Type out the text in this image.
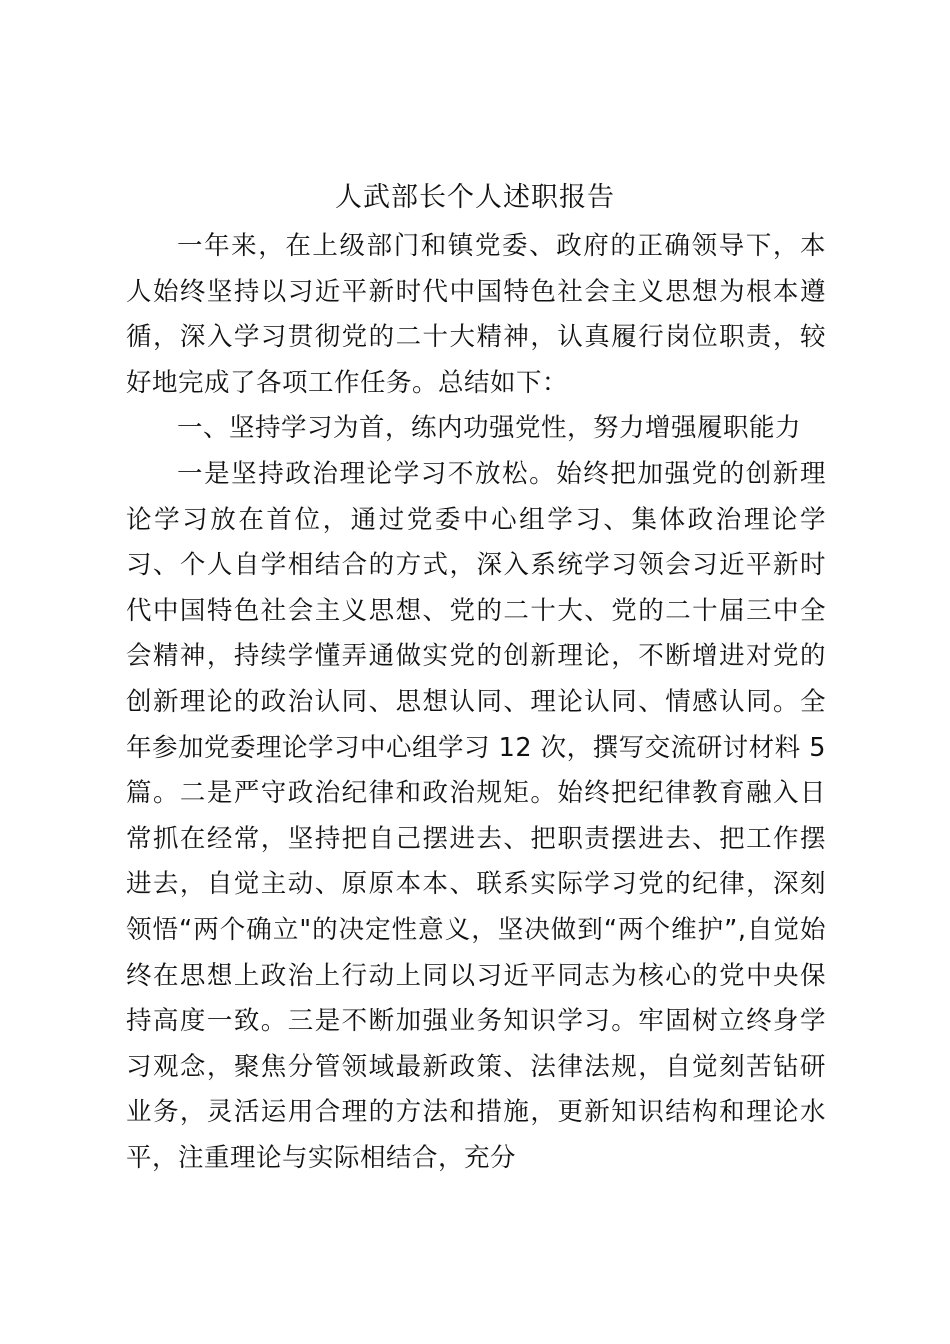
人武部长个人述职报告

一年来，在上级部门和镇党委、政府的正确领导下，本人始终坚持以习近平新时代中国特色社会主义思想为根本遵循，深入学习贯彻党的二十大精神，认真履行岗位职责，较好地完成了各项工作任务。总结如下：

一、坚持学习为首，练内功强党性，努力增强履职能力

一是坚持政治理论学习不放松。始终把加强党的创新理论学习放在首位，通过党委中心组学习、集体政治理论学习、个人自学相结合的方式，深入系统学习领会习近平新时代中国特色社会主义思想、党的二十大、党的二十届三中全会精神，持续学懂弄通做实党的创新理论，不断增进对党的创新理论的政治认同、思想认同、理论认同、情感认同。全年参加党委理论学习中心组学习 12 次，撰写交流研讨材料 5 篇。二是严守政治纪律和政治规矩。始终把纪律教育融入日常抓在经常，坚持把自己摆进去、把职责摆进去、把工作摆进去，自觉主动、原原本本、联系实际学习党的纪律，深刻领悟“两个确立"的决定性意义，坚决做到“两个维护”,自觉始终在思想上政治上行动上同以习近平同志为核心的党中央保持高度一致。三是不断加强业务知识学习。牢固树立终身学习观念，聚焦分管领域最新政策、法律法规，自觉刻苦钻研业务，灵活运用合理的方法和措施，更新知识结构和理论水平，注重理论与实际相结合，充分
